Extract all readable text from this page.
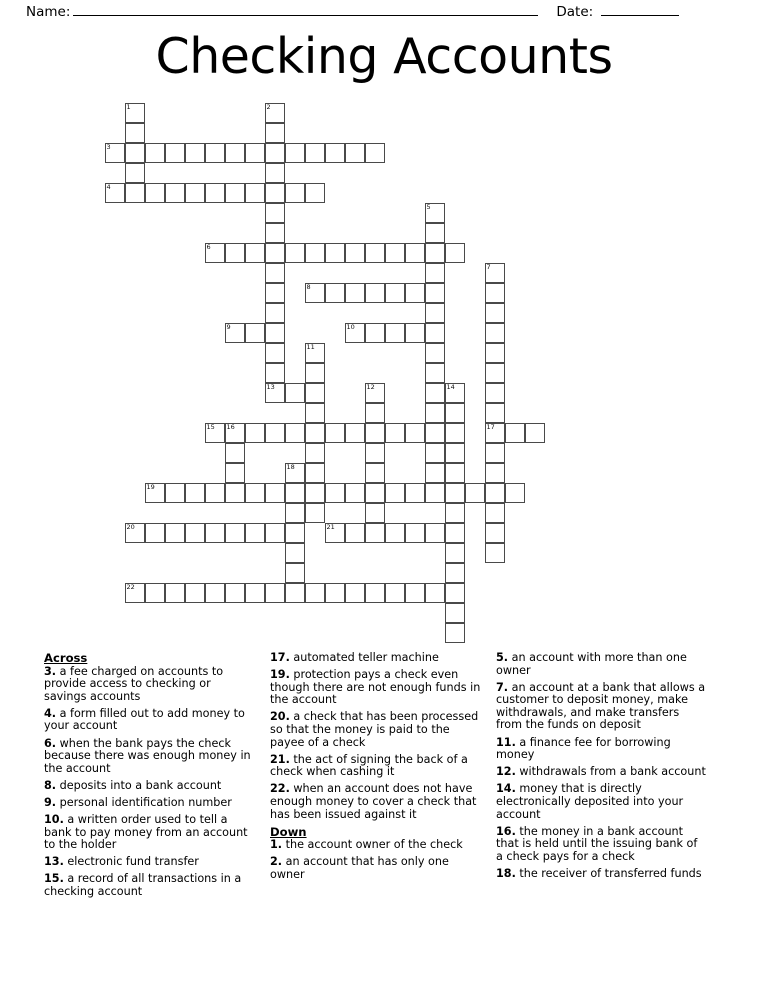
Name:	Date:
Checking Accounts
1	2
3
4
5
6
7
8
9	10
11
12
13	14
15 16	17
18
19
20	21
22
Across

3. a fee charged on accounts to provide access to checking or savings accounts

4. a form filled out to add money to your account

6. when the bank pays the check because there was enough money in the account

8. deposits into a bank account

9. personal identification number

10. a written order used to tell a bank to pay money from an account to the holder

13. electronic fund transfer

15. a record of all transactions in a checking account

17. automated teller machine

19. protection pays a check even though there are not enough funds in the account

20. a check that has been processed so that the money is paid to the payee of a check

21. the act of signing the back of a check when cashing it

22. when an account does not have enough money to cover a check that has been issued against it

Down

1. the account owner of the check

2. an account that has only one owner

5. an account with more than one owner

7. an account at a bank that allows a customer to deposit money, make withdrawals, and make transfers from the funds on deposit

11. a finance fee for borrowing money

12. withdrawals from a bank account

14. money that is directly electronically deposited into your account

16. the money in a bank account that is held until the issuing bank of a check pays for a check

18. the receiver of transferred funds
